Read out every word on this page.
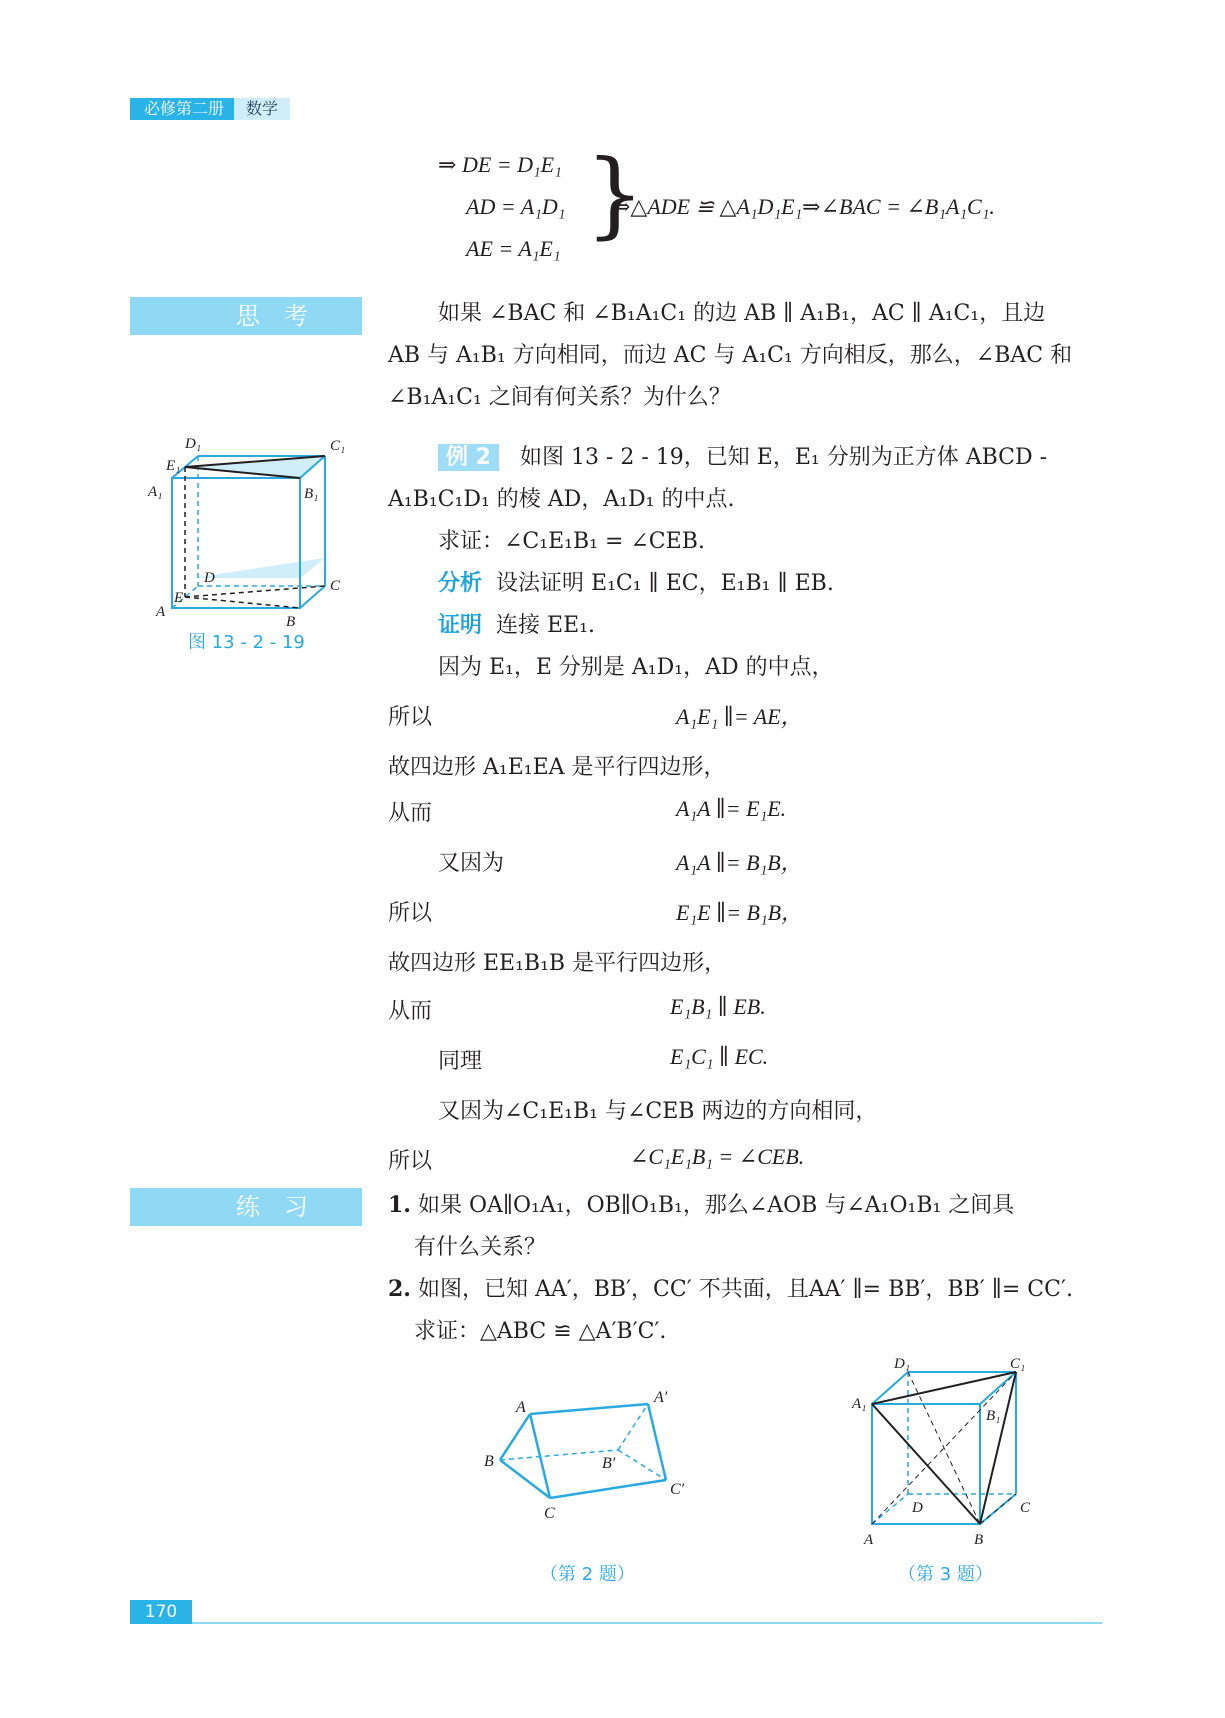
必修第二册	数学
⇒ DE = D₁E₁
AD = A₁D₁
AE = A₁E₁ }
⇒△ADE ≌ △A₁D₁E₁⇒∠BAC = ∠B₁A₁C₁.
思考	如果 ∠BAC 和 ∠B₁A₁C₁ 的边 AB ∥ A₁B₁，AC ∥ A₁C₁，且边
AB 与 A₁B₁ 方向相同，而边 AC 与 A₁C₁ 方向相反，那么，∠BAC 和
∠B₁A₁C₁ 之间有何关系？为什么？
D₁	C₁
E₁
A₁	B₁
D	C
E
A
B
图 13 - 2 - 19
例 2 如图 13 - 2 - 19，已知 E，E₁ 分别为正方体 ABCD -
A₁B₁C₁D₁ 的棱 AD，A₁D₁ 的中点.
求证：∠C₁E₁B₁ = ∠CEB.
分析 设法证明 E₁C₁ ∥ EC，E₁B₁ ∥ EB.
证明 连接 EE₁.
因为 E₁，E 分别是 A₁D₁，AD 的中点，
所以	A₁E₁ ∥= AE，
故四边形 A₁E₁EA 是平行四边形，
从而	A₁A ∥= E₁E.
又因为	A₁A ∥= B₁B，
所以	E₁E ∥= B₁B，
故四边形 EE₁B₁B 是平行四边形，
从而	E₁B₁ ∥ EB.
同理	E₁C₁ ∥ EC.
又因为∠C₁E₁B₁ 与∠CEB 两边的方向相同，
所以	∠C₁E₁B₁ = ∠CEB.
练习	1. 如果 OA∥O₁A₁，OB∥O₁B₁，那么∠AOB 与∠A₁O₁B₁ 之间具
有什么关系？
2. 如图，已知 AA′，BB′，CC′ 不共面，且AA′ ∥= BB′，BB′ ∥= CC′.
求证：△ABC ≌ △A′B′C′.
A
A′
B	B′
C
C′
（第 2 题）
D₁	C₁
A₁
B₁
D	C
A	B
（第 3 题）
170
